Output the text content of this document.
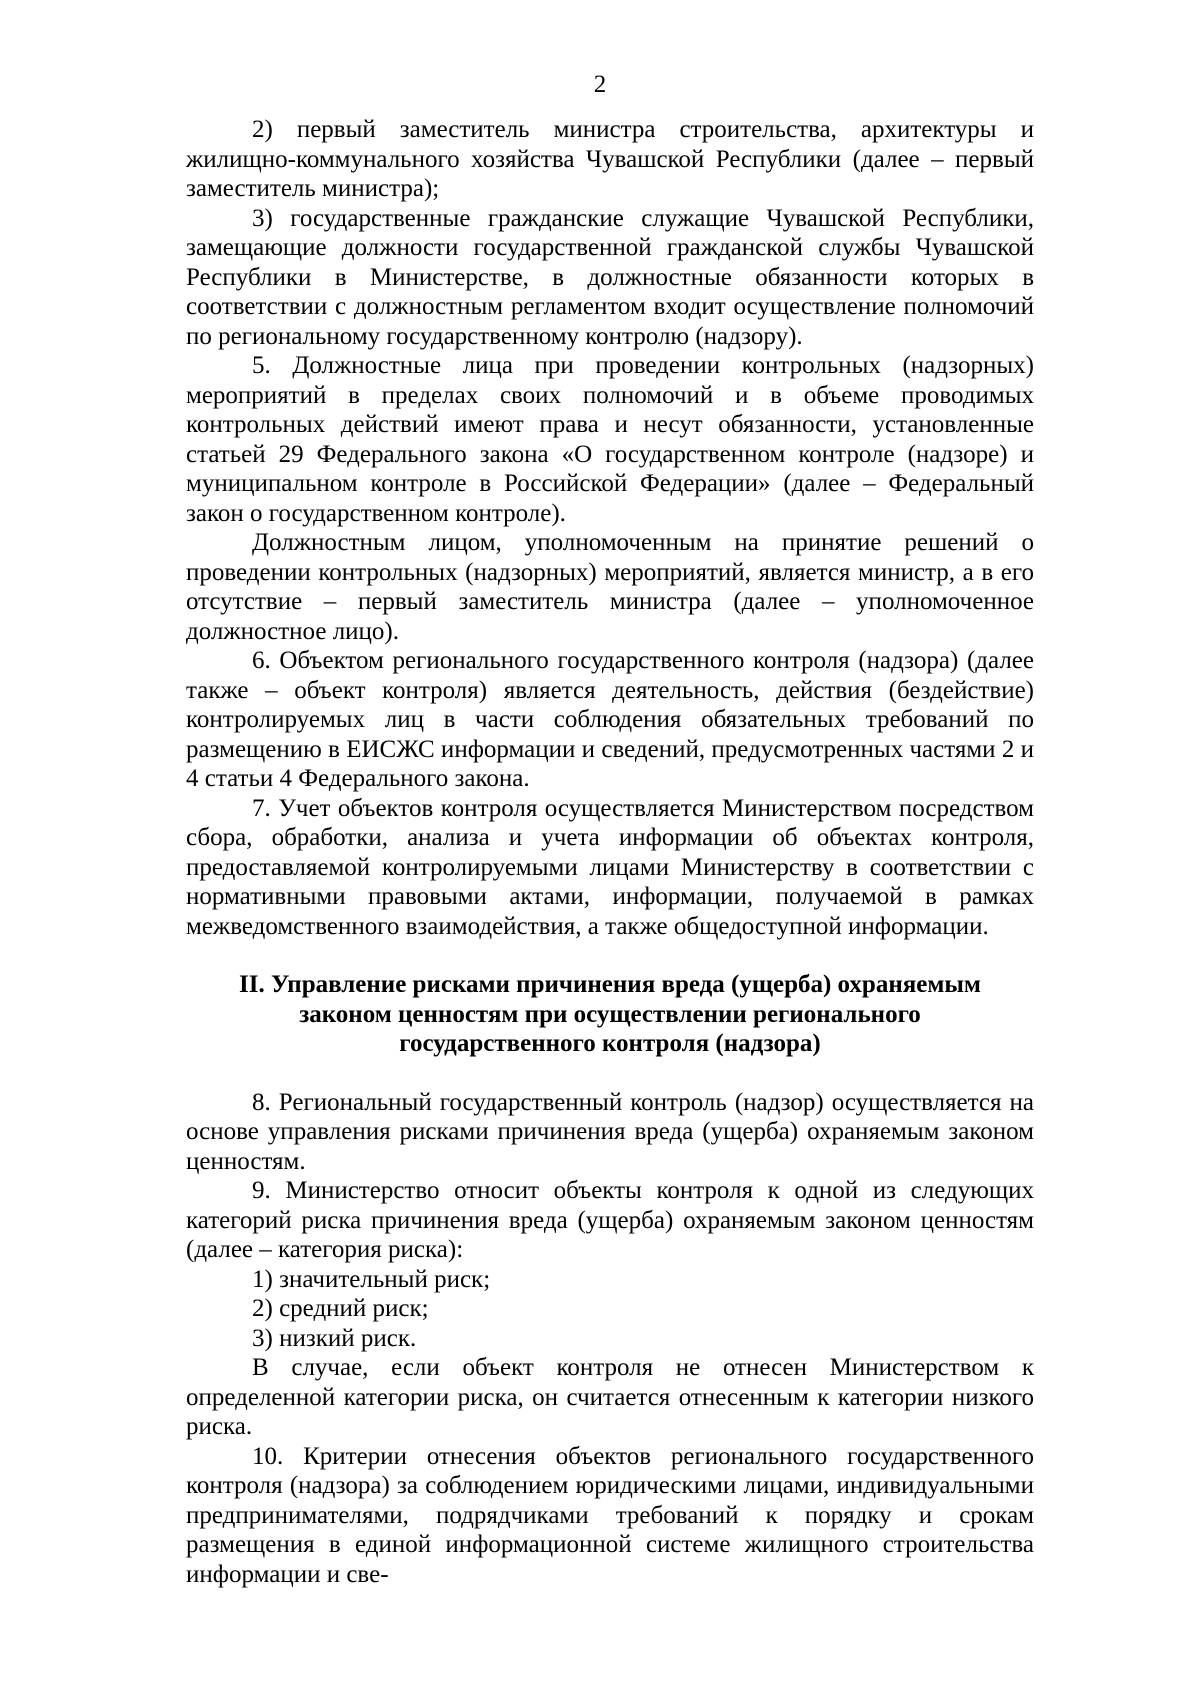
2

2) первый заместитель министра строительства, архитектуры и жилищно-коммунального хозяйства Чувашской Республики (далее – первый заместитель министра);

3) государственные гражданские служащие Чувашской Республики, замещающие должности государственной гражданской службы Чувашской Республики в Министерстве, в должностные обязанности которых в соответствии с должностным регламентом входит осуществление полномочий по региональному государственному контролю (надзору).

5. Должностные лица при проведении контрольных (надзорных) мероприятий в пределах своих полномочий и в объеме проводимых контрольных действий имеют права и несут обязанности, установленные статьей 29 Федерального закона «О государственном контроле (надзоре) и муниципальном контроле в Российской Федерации» (далее – Федеральный закон о государственном контроле).

Должностным лицом, уполномоченным на принятие решений о проведении контрольных (надзорных) мероприятий, является министр, а в его отсутствие – первый заместитель министра (далее – уполномоченное должностное лицо).

6. Объектом регионального государственного контроля (надзора) (далее также – объект контроля) является деятельность, действия (бездействие) контролируемых лиц в части соблюдения обязательных требований по размещению в ЕИСЖС информации и сведений, предусмотренных частями 2 и 4 статьи 4 Федерального закона.

7. Учет объектов контроля осуществляется Министерством посредством сбора, обработки, анализа и учета информации об объектах контроля, предоставляемой контролируемыми лицами Министерству в соответствии с нормативными правовыми актами, информации, получаемой в рамках межведомственного взаимодействия, а также общедоступной информации.

II. Управление рисками причинения вреда (ущерба) охраняемым
законом ценностям при осуществлении регионального
государственного контроля (надзора)

8. Региональный государственный контроль (надзор) осуществляется на основе управления рисками причинения вреда (ущерба) охраняемым законом ценностям.

9. Министерство относит объекты контроля к одной из следующих категорий риска причинения вреда (ущерба) охраняемым законом ценностям (далее – категория риска):

1) значительный риск;

2) средний риск;

3) низкий риск.

В случае, если объект контроля не отнесен Министерством к определенной категории риска, он считается отнесенным к категории низкого риска.

10. Критерии отнесения объектов регионального государственного контроля (надзора) за соблюдением юридическими лицами, индивидуальными предпринимателями, подрядчиками требований к порядку и срокам размещения в единой информационной системе жилищного строительства информации и све-
